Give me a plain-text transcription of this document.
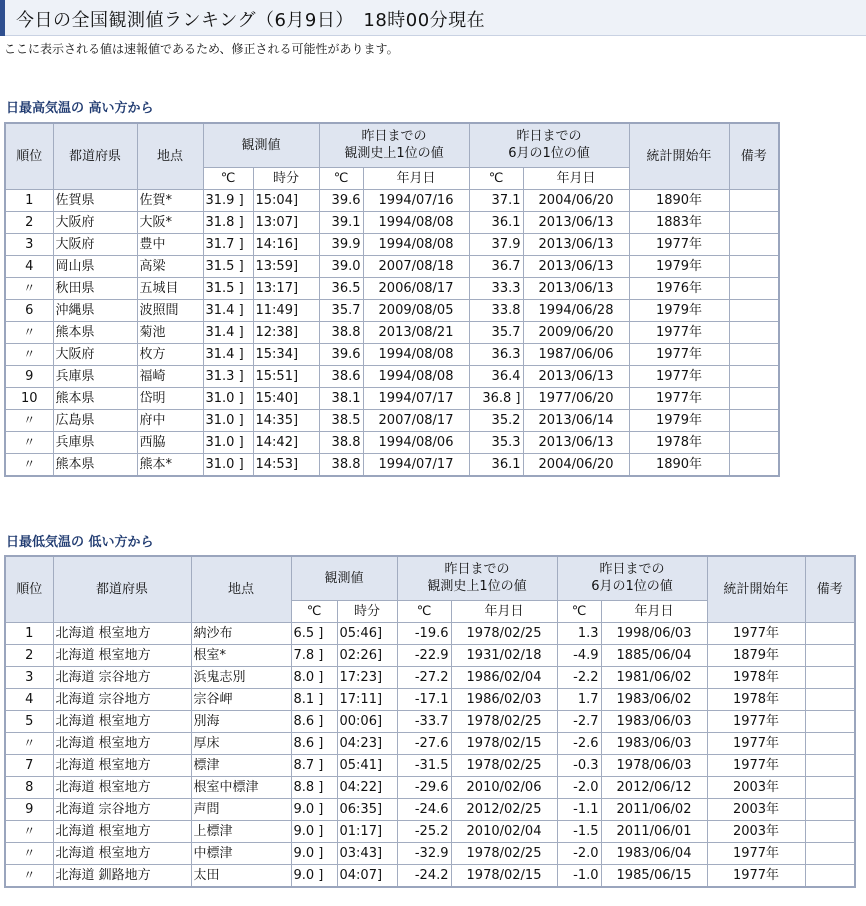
今日の全国観測値ランキング（6月9日）　18時00分現在
ここに表示される値は速報値であるため、修正される可能性があります。
日最高気温の 高い方から
順位	都道府県	地点	観測値		昨日までの
観測史上1位の値		昨日までの
6月の1位の値		統計開始年	備考
			℃	時分	℃	年月日	℃	年月日		
1	佐賀県	佐賀*	31.9 ]	15:04]	39.6	1994/07/16	37.1	2004/06/20	1890年	
2	大阪府	大阪*	31.8 ]	13:07]	39.1	1994/08/08	36.1	2013/06/13	1883年	
3	大阪府	豊中	31.7 ]	14:16]	39.9	1994/08/08	37.9	2013/06/13	1977年	
4	岡山県	高梁	31.5 ]	13:59]	39.0	2007/08/18	36.7	2013/06/13	1979年	
〃	秋田県	五城目	31.5 ]	13:17]	36.5	2006/08/17	33.3	2013/06/13	1976年	
6	沖縄県	波照間	31.4 ]	11:49]	35.7	2009/08/05	33.8	1994/06/28	1979年	
〃	熊本県	菊池	31.4 ]	12:38]	38.8	2013/08/21	35.7	2009/06/20	1977年	
〃	大阪府	枚方	31.4 ]	15:34]	39.6	1994/08/08	36.3	1987/06/06	1977年	
9	兵庫県	福崎	31.3 ]	15:51]	38.6	1994/08/08	36.4	2013/06/13	1977年	
10	熊本県	岱明	31.0 ]	15:40]	38.1	1994/07/17	36.8 ]	1977/06/20	1977年	
〃	広島県	府中	31.0 ]	14:35]	38.5	2007/08/17	35.2	2013/06/14	1979年	
〃	兵庫県	西脇	31.0 ]	14:42]	38.8	1994/08/06	35.3	2013/06/13	1978年	
〃	熊本県	熊本*	31.0 ]	14:53]	38.8	1994/07/17	36.1	2004/06/20	1890年	
日最低気温の 低い方から
順位	都道府県	地点	観測値		昨日までの
観測史上1位の値		昨日までの
6月の1位の値		統計開始年	備考
			℃	時分	℃	年月日	℃	年月日		
1	北海道 根室地方	納沙布	6.5 ]	05:46]	-19.6	1978/02/25	1.3	1998/06/03	1977年	
2	北海道 根室地方	根室*	7.8 ]	02:26]	-22.9	1931/02/18	-4.9	1885/06/04	1879年	
3	北海道 宗谷地方	浜鬼志別	8.0 ]	17:23]	-27.2	1986/02/04	-2.2	1981/06/02	1978年	
4	北海道 宗谷地方	宗谷岬	8.1 ]	17:11]	-17.1	1986/02/03	1.7	1983/06/02	1978年	
5	北海道 根室地方	別海	8.6 ]	00:06]	-33.7	1978/02/25	-2.7	1983/06/03	1977年	
〃	北海道 根室地方	厚床	8.6 ]	04:23]	-27.6	1978/02/15	-2.6	1983/06/03	1977年	
7	北海道 根室地方	標津	8.7 ]	05:41]	-31.5	1978/02/25	-0.3	1978/06/03	1977年	
8	北海道 根室地方	根室中標津	8.8 ]	04:22]	-29.6	2010/02/06	-2.0	2012/06/12	2003年	
9	北海道 宗谷地方	声問	9.0 ]	06:35]	-24.6	2012/02/25	-1.1	2011/06/02	2003年	
〃	北海道 根室地方	上標津	9.0 ]	01:17]	-25.2	2010/02/04	-1.5	2011/06/01	2003年	
〃	北海道 根室地方	中標津	9.0 ]	03:43]	-32.9	1978/02/25	-2.0	1983/06/04	1977年	
〃	北海道 釧路地方	太田	9.0 ]	04:07]	-24.2	1978/02/15	-1.0	1985/06/15	1977年	
